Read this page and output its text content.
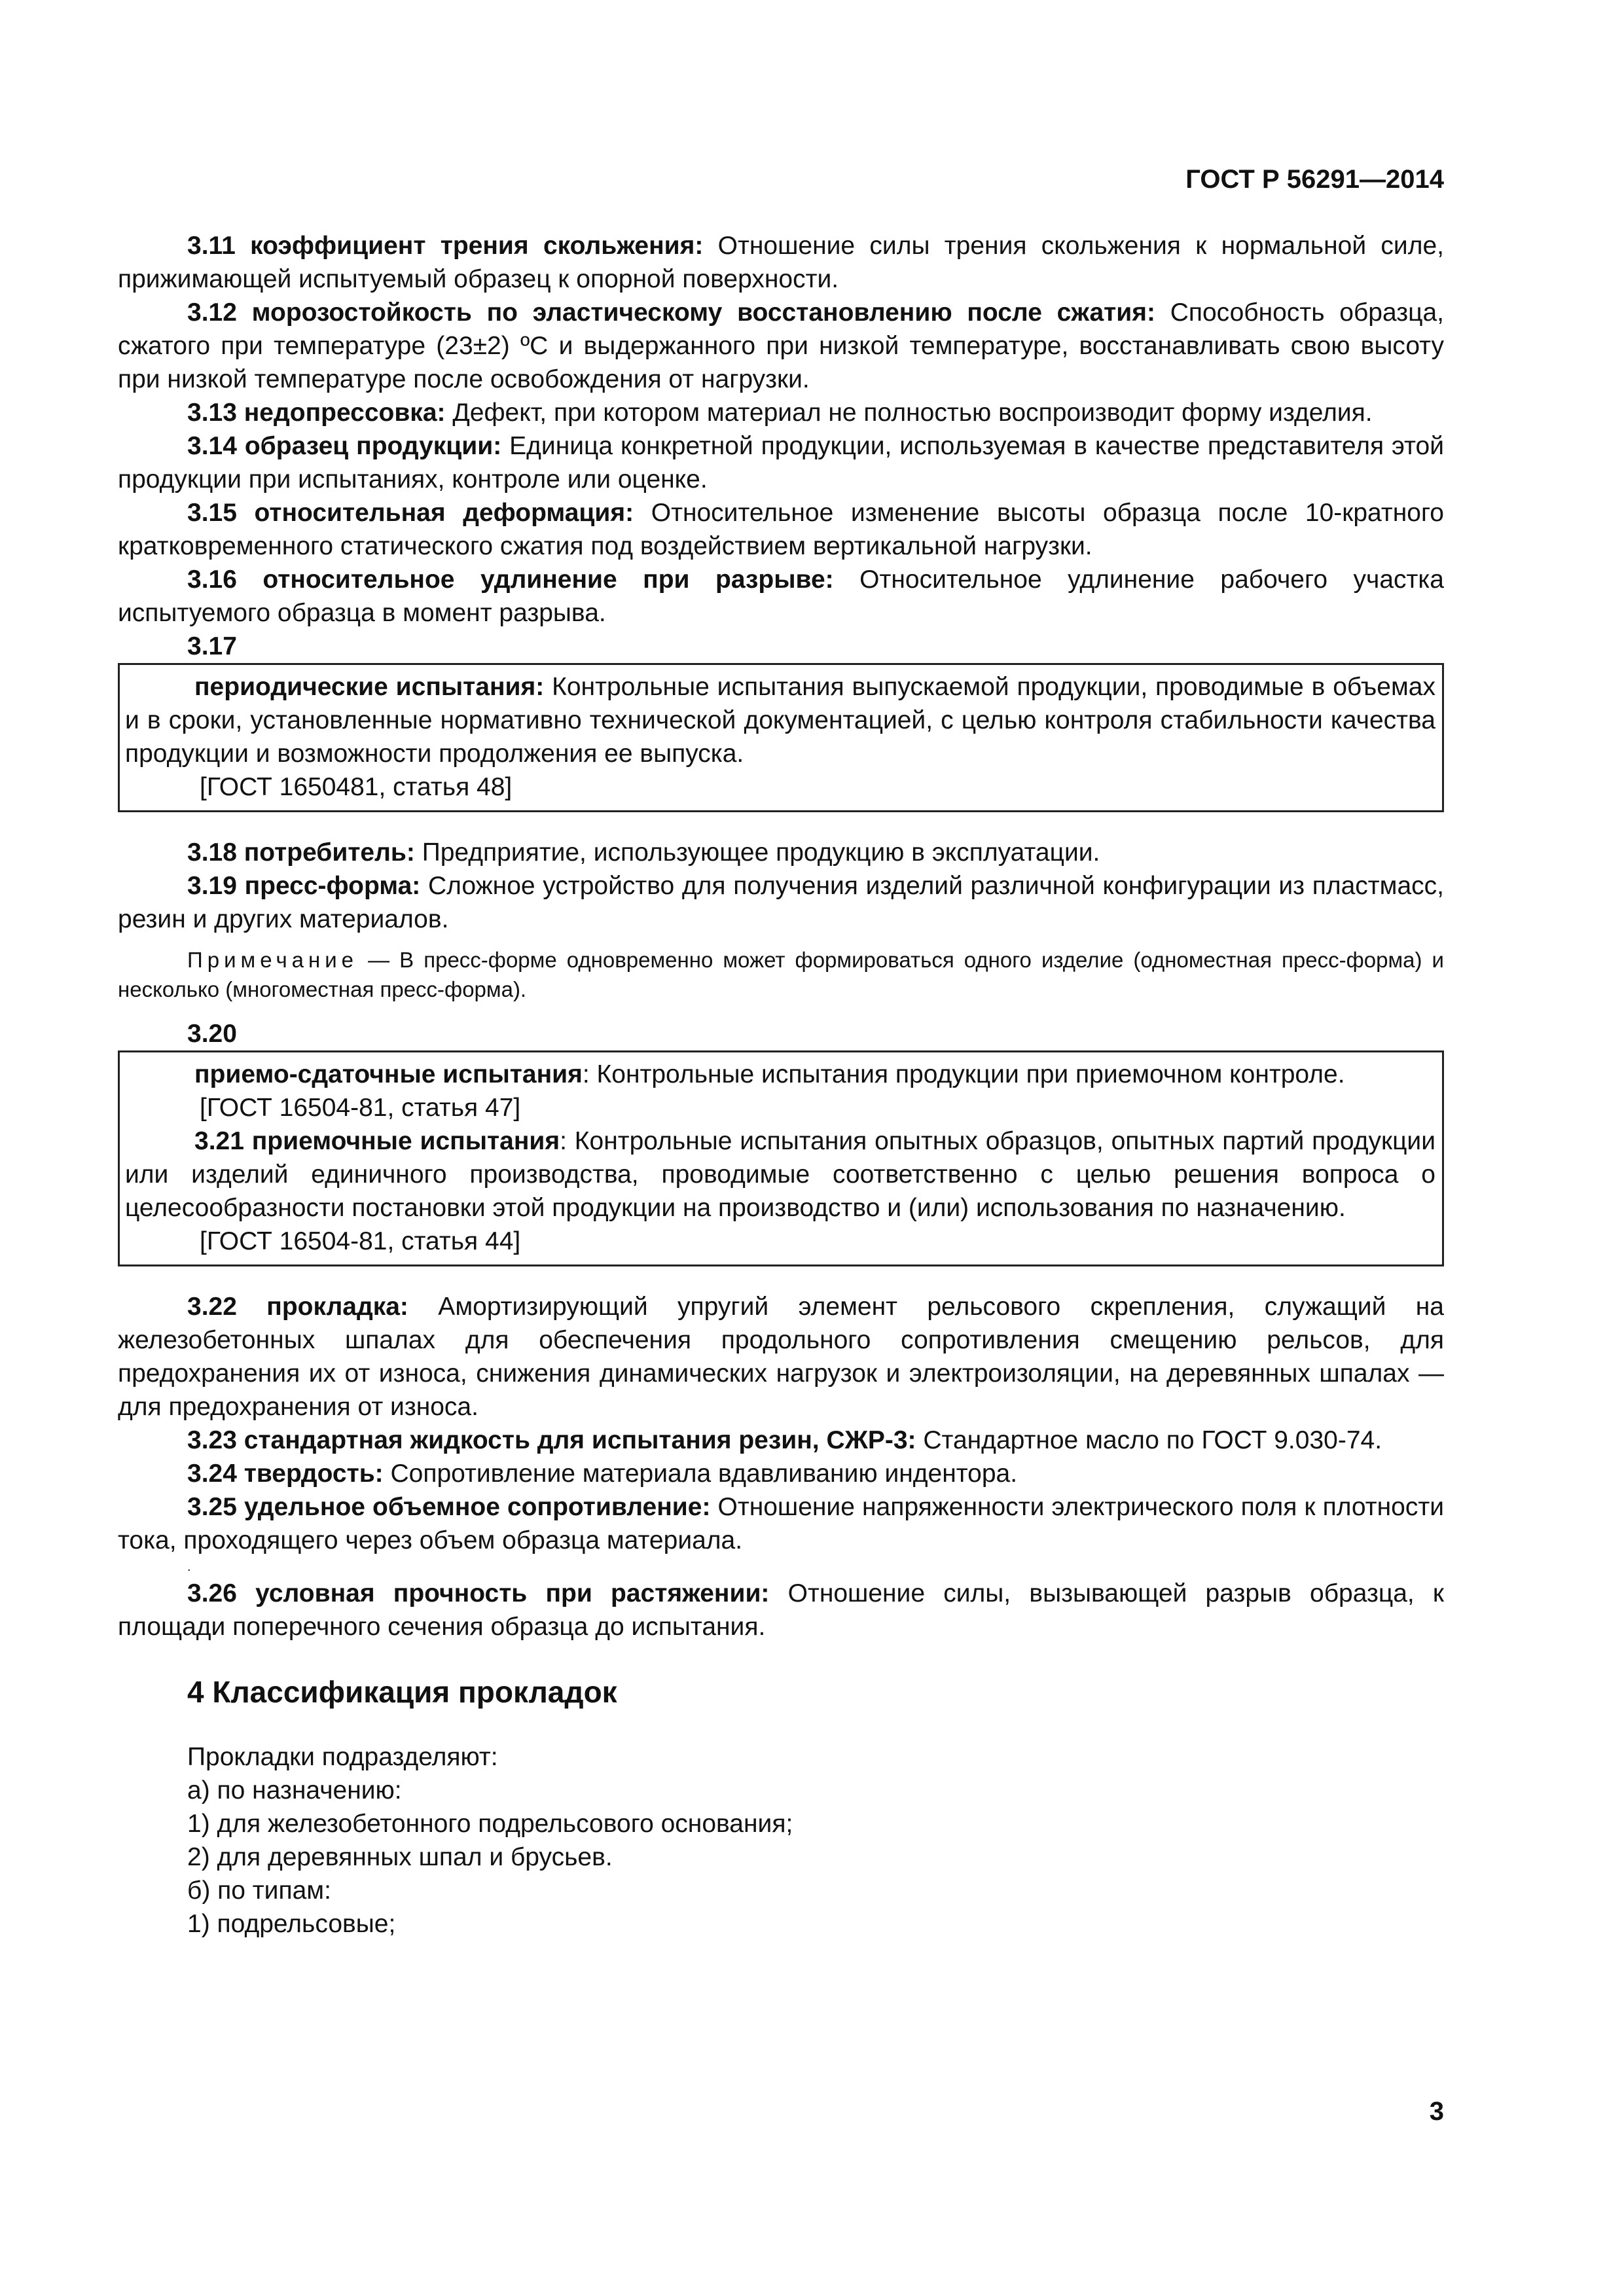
ГОСТ Р 56291—2014

3.11 коэффициент трения скольжения: Отношение силы трения скольжения к нормальной силе, прижимающей испытуемый образец к опорной поверхности.

3.12 морозостойкость по эластическому восстановлению после сжатия: Способность образца, сжатого при температуре (23±2) ºС и выдержанного при низкой температуре, восстанавливать свою высоту при низкой температуре после освобождения от нагрузки.

3.13 недопрессовка: Дефект, при котором материал не полностью воспроизводит форму изделия.

3.14 образец продукции: Единица конкретной продукции, используемая в качестве представителя этой продукции при испытаниях, контроле или оценке.

3.15 относительная деформация: Относительное изменение высоты образца после 10-кратного кратковременного статического сжатия под воздействием вертикальной нагрузки.

3.16 относительное удлинение при разрыве: Относительное удлинение рабочего участка испытуемого образца в момент разрыва.

3.17

периодические испытания: Контрольные испытания выпускаемой продукции, проводимые в объемах и в сроки, установленные нормативно технической документацией, с целью контроля стабильности качества продукции и возможности продолжения ее выпуска.

[ГОСТ 1650481, статья 48]

3.18 потребитель: Предприятие, использующее продукцию в эксплуатации.

3.19 пресс-форма: Сложное устройство для получения изделий различной конфигурации из пластмасс, резин и других материалов.

Примечание — В пресс-форме одновременно может формироваться одного изделие (одноместная пресс-форма) и несколько (многоместная пресс-форма).

3.20

приемо-сдаточные испытания: Контрольные испытания продукции при приемочном контроле.

[ГОСТ 16504-81, статья 47]

3.21 приемочные испытания: Контрольные испытания опытных образцов, опытных партий продукции или изделий единичного производства, проводимые соответственно с целью решения вопроса о целесообразности постановки этой продукции на производство и (или) использования по назначению.

[ГОСТ 16504-81, статья 44]

3.22 прокладка: Амортизирующий упругий элемент рельсового скрепления, служащий на железобетонных шпалах для обеспечения продольного сопротивления смещению рельсов, для предохранения их от износа, снижения динамических нагрузок и электроизоляции, на деревянных шпалах — для предохранения от износа.

3.23 стандартная жидкость для испытания резин, СЖР-3: Стандартное масло по ГОСТ 9.030-74.

3.24 твердость: Сопротивление материала вдавливанию индентора.

3.25 удельное объемное сопротивление: Отношение напряженности электрического поля к плотности тока, проходящего через объем образца материала.

.

3.26 условная прочность при растяжении: Отношение силы, вызывающей разрыв образца, к площади поперечного сечения образца до испытания.

4 Классификация прокладок

Прокладки подразделяют:

а) по назначению:

1) для железобетонного подрельсового основания;

2) для деревянных шпал и брусьев.

б) по типам:

1) подрельсовые;

3
